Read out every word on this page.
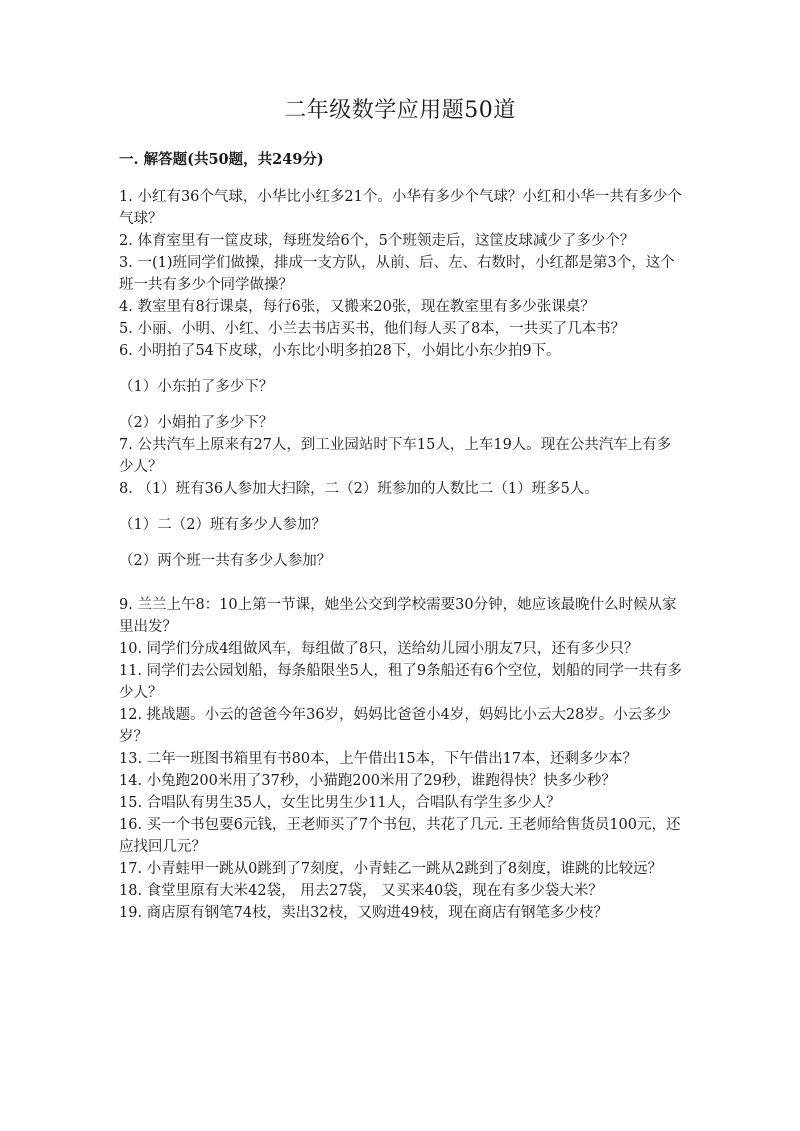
二年级数学应用题50道
一. 解答题(共50题，共249分)

1. 小红有36个气球，小华比小红多21个。小华有多少个气球？小红和小华一共有多少个气球？

2. 体育室里有一筐皮球，每班发给6个，5个班领走后，这筐皮球减少了多少个？

3. 一(1)班同学们做操，排成一支方队，从前、后、左、右数时，小红都是第3个，这个班一共有多少个同学做操？

4. 教室里有8行课桌，每行6张，又搬来20张，现在教室里有多少张课桌？

5. 小丽、小明、小红、小兰去书店买书，他们每人买了8本，一共买了几本书？

6. 小明拍了54下皮球，小东比小明多拍28下，小娟比小东少拍9下。

（1）小东拍了多少下？

（2）小娟拍了多少下？

7. 公共汽车上原来有27人，到工业园站时下车15人，上车19人。现在公共汽车上有多少人？

8. （1）班有36人参加大扫除，二（2）班参加的人数比二（1）班多5人。

（1）二（2）班有多少人参加？

（2）两个班一共有多少人参加？

9. 兰兰上午8：10上第一节课，她坐公交到学校需要30分钟，她应该最晚什么时候从家里出发？

10. 同学们分成4组做风车，每组做了8只，送给幼儿园小朋友7只，还有多少只？

11. 同学们去公园划船，每条船限坐5人，租了9条船还有6个空位，划船的同学一共有多少人？

12. 挑战题。小云的爸爸今年36岁，妈妈比爸爸小4岁，妈妈比小云大28岁。小云多少岁？

13. 二年一班图书箱里有书80本，上午借出15本，下午借出17本，还剩多少本？

14. 小兔跑200米用了37秒，小猫跑200米用了29秒，谁跑得快？快多少秒？

15. 合唱队有男生35人，女生比男生少11人，合唱队有学生多少人？

16. 买一个书包要6元钱，王老师买了7个书包，共花了几元. 王老师给售货员100元，还应找回几元？

17. 小青蛙甲一跳从0跳到了7刻度，小青蛙乙一跳从2跳到了8刻度，谁跳的比较远？

18. 食堂里原有大米42袋， 用去27袋， 又买来40袋，现在有多少袋大米？

19. 商店原有钢笔74枝，卖出32枝，又购进49枝，现在商店有钢笔多少枝？
